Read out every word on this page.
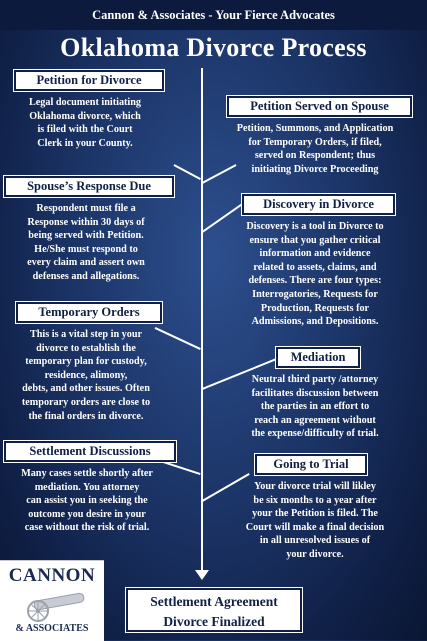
Cannon & Associates - Your Fierce Advocates
Oklahoma Divorce Process
Petition for Divorce
Legal document initiating
Oklahoma divorce, which
is filed with the Court
Clerk in your County.
Petition Served on Spouse
Petition, Summons, and Application
for Temporary Orders, if filed,
served on Respondent; thus
initiating Divorce Proceeding
Spouse’s Response Due
Respondent must file a
Response within 30 days of
being served with Petition.
He/She must respond to
every claim and assert own
defenses and allegations.
Discovery in Divorce
Discovery is a tool in Divorce to
ensure that you gather critical
information and evidence
related to assets, claims, and
defenses. There are four types:
Interrogatories, Requests for
Production, Requests for
Admissions, and Depositions.
Temporary Orders
This is a vital step in your
divorce to establish the
temporary plan for custody,
residence, alimony,
debts, and other issues. Often
temporary orders are close to
the final orders in divorce.
Mediation
Neutral third party /attorney
facilitates discussion between
the parties in an effort to
reach an agreement without
the expense/difficulty of trial.
Settlement Discussions
Many cases settle shortly after
mediation. You attorney
can assist you in seeking the
outcome you desire in your
case without the risk of trial.
Going to Trial
Your divorce trial will likley
be six months to a year after
your the Petition is filed. The
Court will make a final decision
in all unresolved issues of
your divorce.
CANNON
& ASSOCIATES
Settlement Agreement
Divorce Finalized
